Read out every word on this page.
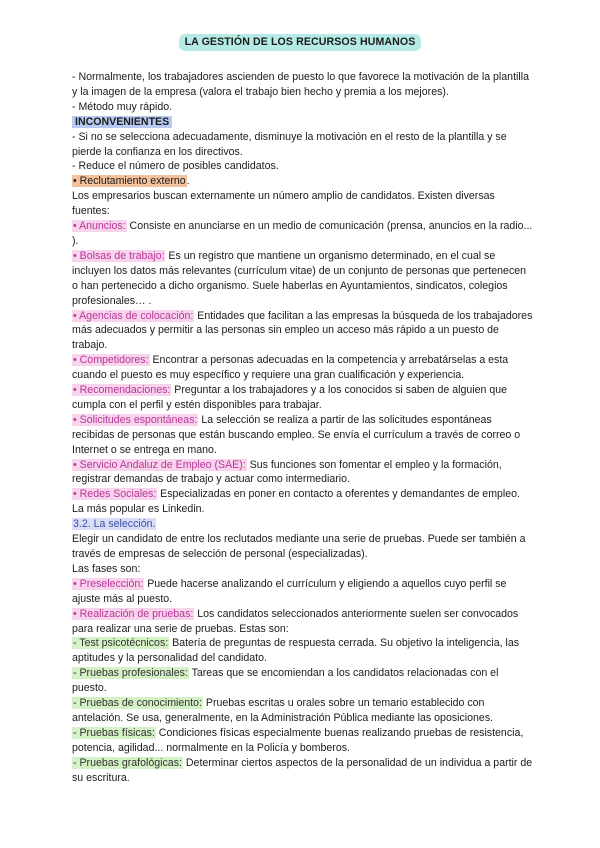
LA GESTIÓN DE LOS RECURSOS HUMANOS

- Normalmente, los trabajadores ascienden de puesto lo que favorece la motivación de la plantilla y la imagen de la empresa (valora el trabajo bien hecho y premia a los mejores).

- Método muy rápido.

INCONVENIENTES

- Si no se selecciona adecuadamente, disminuye la motivación en el resto de la plantilla y se pierde la confianza en los directivos.

- Reduce el número de posibles candidatos.

• Reclutamiento externo.

Los empresarios buscan externamente un número amplio de candidatos. Existen diversas fuentes:

• Anuncios: Consiste en anunciarse en un medio de comunicación (prensa, anuncios en la radio... ).

• Bolsas de trabajo: Es un registro que mantiene un organismo determinado, en el cual se incluyen los datos más relevantes (currículum vitae) de un conjunto de personas que pertenecen o han pertenecido a dicho organismo. Suele haberlas en Ayuntamientos, sindicatos, colegios profesionales… .

• Agencias de colocación: Entidades que facilitan a las empresas la búsqueda de los trabajadores más adecuados y permitir a las personas sin empleo un acceso más rápido a un puesto de trabajo.

• Competidores: Encontrar a personas adecuadas en la competencia y arrebatárselas a esta cuando el puesto es muy específico y requiere una gran cualificación y experiencia.

• Recomendaciones: Preguntar a los trabajadores y a los conocidos si saben de alguien que cumpla con el perfil y estén disponibles para trabajar.

• Solicitudes espontáneas: La selección se realiza a partir de las solicitudes espontáneas recibidas de personas que están buscando empleo. Se envía el currículum a través de correo o Internet o se entrega en mano.

• Servicio Andaluz de Empleo (SAE): Sus funciones son fomentar el empleo y la formación, registrar demandas de trabajo y actuar como intermediario.

• Redes Sociales: Especializadas en poner en contacto a oferentes y demandantes de empleo. La más popular es Linkedin.

3.2. La selección.

Elegir un candidato de entre los reclutados mediante una serie de pruebas. Puede ser también a través de empresas de selección de personal (especializadas).

Las fases son:

• Preselección: Puede hacerse analizando el currículum y eligiendo a aquellos cuyo perfil se ajuste más al puesto.

• Realización de pruebas: Los candidatos seleccionados anteriormente suelen ser convocados para realizar una serie de pruebas. Estas son:

- Test psicotécnicos: Batería de preguntas de respuesta cerrada. Su objetivo la inteligencia, las aptitudes y la personalidad del candidato.

- Pruebas profesionales: Tareas que se encomiendan a los candidatos relacionadas con el puesto.

- Pruebas de conocimiento: Pruebas escritas u orales sobre un temario establecido con antelación. Se usa, generalmente, en la Administración Pública mediante las oposiciones.

- Pruebas físicas: Condiciones físicas especialmente buenas realizando pruebas de resistencia, potencia, agilidad... normalmente en la Policía y bomberos.

- Pruebas grafológicas: Determinar ciertos aspectos de la personalidad de un individua a partir de su escritura.
